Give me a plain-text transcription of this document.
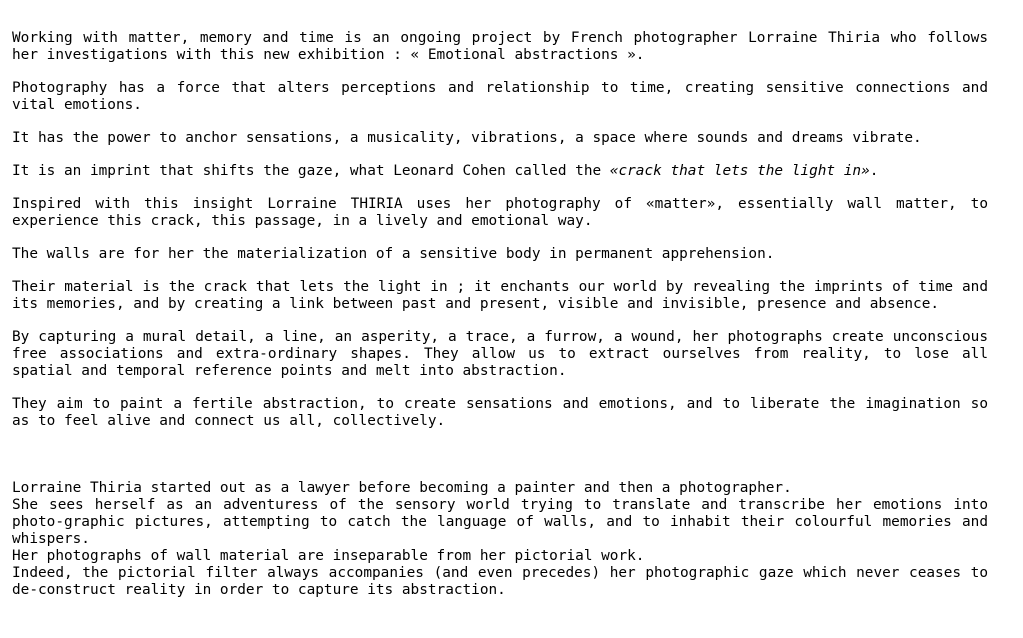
Working with matter, memory and time is an ongoing project by French photographer Lorraine Thiria who follows her investigations with this new exhibition : « Emotional abstractions ».

Photography has a force that alters perceptions and relationship to time, creating sensitive connections and vital emotions.

It has the power to anchor sensations, a musicality, vibrations, a space where sounds and dreams vibrate.

It is an imprint that shifts the gaze, what Leonard Cohen called the «crack that lets the light in».

Inspired with this insight Lorraine THIRIA uses her photography of «matter», essentially wall matter, to experience this crack, this passage, in a lively and emotional way.

The walls are for her the materialization of a sensitive body in permanent apprehension.

Their material is the crack that lets the light in ; it enchants our world by revealing the imprints of time and its memories, and by creating a link between past and present, visible and invisible, presence and absence.

By capturing a mural detail, a line, an asperity, a trace, a furrow, a wound, her photographs create unconscious free associations and extra-ordinary shapes. They allow us to extract ourselves from reality, to lose all spatial and temporal reference points and melt into abstraction.

They aim to paint a fertile abstraction, to create sensations and emotions, and to liberate the imagination so as to feel alive and connect us all, collectively.

Lorraine Thiria started out as a lawyer before becoming a painter and then a photographer.

She sees herself as an adventuress of the sensory world trying to translate and transcribe her emotions into photo-graphic pictures, attempting to catch the language of walls, and to inhabit their colourful memories and whispers.

Her photographs of wall material are inseparable from her pictorial work.

Indeed, the pictorial filter always accompanies (and even precedes) her photographic gaze which never ceases to de-construct reality in order to capture its abstraction.
